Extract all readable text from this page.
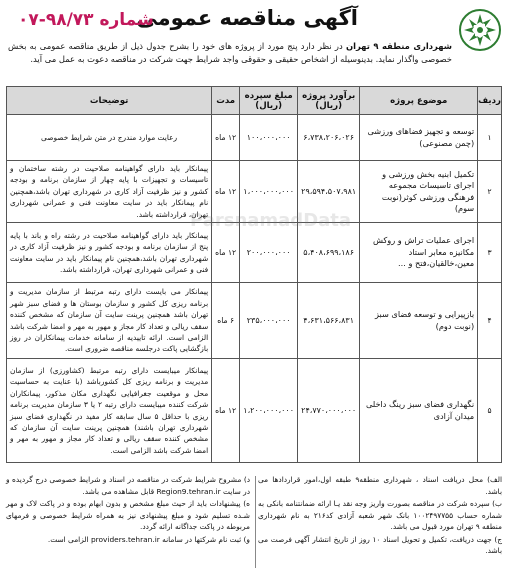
آگهی مناقصه عمومی
شماره ۹۸/۷۳-۰۷
شهرداری منطقه ۹ تهران در نظر دارد پنج مورد از پروژه های خود را بشرح جدول ذیل از طریق مناقصه عمومی به بخش خصوصی واگذار نماید. بدینوسیله از اشخاص حقیقی و حقوقی واجد شرایط جهت شرکت در مناقصه دعوت به عمل می آید.
ردیف	موضوع پروژه	برآورد پروژه (ریال)	مبلغ سپرده (ریال)	مدت	توضیحات
۱	توسعه و تجهیز فضاهای ورزشی (چمن مصنوعی)	۶،۷۳۸،۲۰۶،۰۲۶	۱۰۰،۰۰۰،۰۰۰	۱۲ ماه	رعایت موارد مندرج در متن شرایط خصوصی
۲	تکمیل ابنیه بخش ورزشی و اجرای تاسیسات مجموعه فرهنگی ورزشی کوثر(نوبت سوم)	۲۹،۵۹۴،۵۰۷،۹۸۱	۱،۰۰۰،۰۰۰،۰۰۰	۱۲ ماه	پیمانکار باید دارای گواهینامه صلاحیت در رشته ساختمان و تاسیسات و تجهیزات با پایه چهار از سازمان برنامه و بودجه کشور و نیز ظرفیت آزاد کاری در شهرداری تهران باشد،همچنین نام پیمانکار باید در سایت معاونت فنی و عمرانی شهرداری تهران، قرارداشته باشد.
۳	اجرای عملیات تراش و روکش مکانیزه معابر استاد معین،خالقیان،فتح و ...	۵،۴۰۸،۶۹۹،۱۸۶	۲۰۰،۰۰۰،۰۰۰	۱۲ ماه	پیمانکار باید دارای گواهینامه صلاحیت در رشته راه و باند با پایه پنج از سازمان برنامه و بودجه کشور و نیز ظرفیت آزاد کاری در شهرداری تهران باشد،همچنین نام پیمانکار باید در سایت معاونت فنی و عمرانی شهرداری تهران، قرارداشته باشد.
۴	بازپیرایی و توسعه فضای سبز (نوبت دوم)	۴،۶۳۱،۵۶۶،۸۳۱	۲۳۵،۰۰۰،۰۰۰	۶ ماه	پیمانکار می بایست دارای رتبه مرتبط از سازمان مدیریت و برنامه ریزی کل کشور و سازمان بوستان ها و فضای سبز شهر تهران باشد همچنین پرینت سایت آن سازمان که مشخص کننده سقف ریالی و تعداد کار مجاز و مهور به مهر و امضا شرکت باشد الزامی است. ارائه تاییدیه از سامانه خدمات پیمانکاران در روز بازگشایی پاکت درجلسه مناقصه ضروری است.
۵	نگهداری فضای سبز رینگ داخلی میدان آزادی	۲۴،۷۷۰،۰۰۰،۰۰۰	۱،۲۰۰،۰۰۰،۰۰۰	۱۲ ماه	پیمانکار میبایست دارای رتبه مرتبط (کشاورزی) از سازمان مدیریت و برنامه ریزی کل کشورباشد (با عنایت به حساسیت محل و موقعیت جغرافیایی نگهداری مکان مذکور، پیمانکاران شرکت کننده میبایست دارای رتبه ۲ یا ۳ سازمان مدیریت برنامه ریزی با حداقل ۵ سال سابقه کار مفید در نگهداری فضای سبز شهرداری تهران باشند) همچنین پرینت سایت آن سازمان که مشخص کننده سقف ریالی و تعداد کار مجاز و مهور به مهر و امضا شرکت باشد الزامی است.
ParsnamadData

الف) محل دریافت اسناد ، شهرداری منطقه۹ طبقه اول،امور قراردادها می باشد.

ب) سپرده شرکت در مناقصه بصورت واریز وجه نقد یـا ارائه ضمانتنامه بانکی به شماره حساب ۱۰۰۲۴۹۷۷۵۵ بانک شهر شعبه آزادی کد۲۱۶ به نام شهرداری منطقه ۹ تهران مورد قبول می باشد.

ج) جهت دریافت، تکمیل و تحویل اسناد ۱۰ روز از تاریخ انتشار آگهی فرصت می باشد.

د) مشروح شرایط شرکت در مناقصه در اسناد و شرایط خصوصی درج گردیده و در سایت Region9.tehran.ir قابل مشاهده می باشد.

ه) پیشنهادات باید از حیث مبلغ مشخص و بدون ابهام بوده و در پاکت لاک و مهر شـده تسلیم شود و مبلغ پیشنهادی نیز به همراه شرایط خصوصی و فرمهای مربوطه در پاکت جداگانه ارائه گردد.

و) ثبت نام شرکتها در سامانه providers.tehran.ir الزامی است.
